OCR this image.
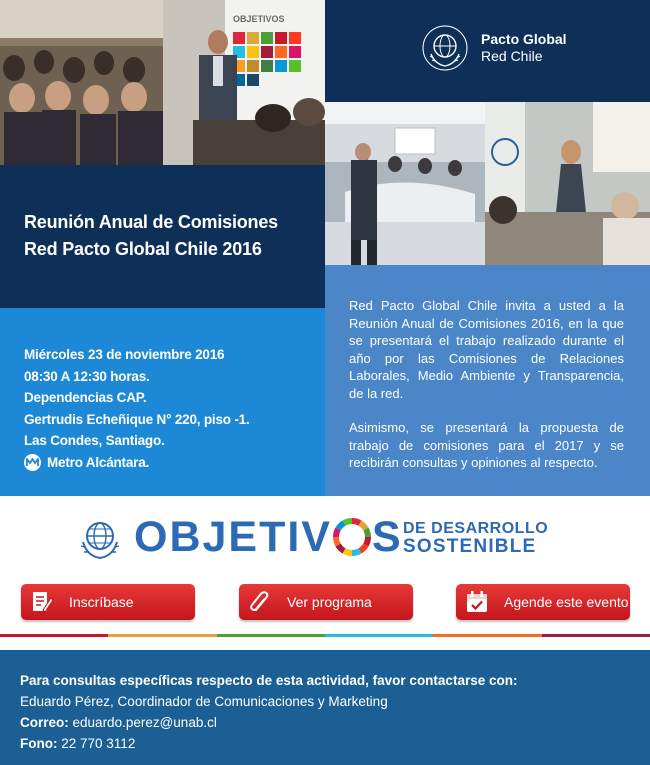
OBJETIVOS
Pacto Global
Red Chile
Reunión Anual de Comisiones
Red Pacto Global Chile 2016
Miércoles 23 de noviembre 2016
08:30 A 12:30 horas.
Dependencias CAP.
Gertrudis Echeñique N° 220, piso -1.
Las Condes, Santiago.
Metro Alcántara.

Red Pacto Global Chile invita a usted a la Reunión Anual de Comisiones 2016, en la que se presentará el trabajo realizado durante el año por las Comisiones de Relaciones Laborales, Medio Ambiente y Transparencia, de la red.

Asimismo, se presentará la propuesta de trabajo de comisiones para el 2017 y se recibirán consultas y opiniones al respecto.

OBJETIV S DE DESARROLLO
SOSTENIBLE
Inscríbase	Ver programa	Agende este evento
Para consultas específicas respecto de esta actividad, favor contactarse con:
Eduardo Pérez, Coordinador de Comunicaciones y Marketing
Correo: eduardo.perez@unab.cl
Fono: 22 770 3112
